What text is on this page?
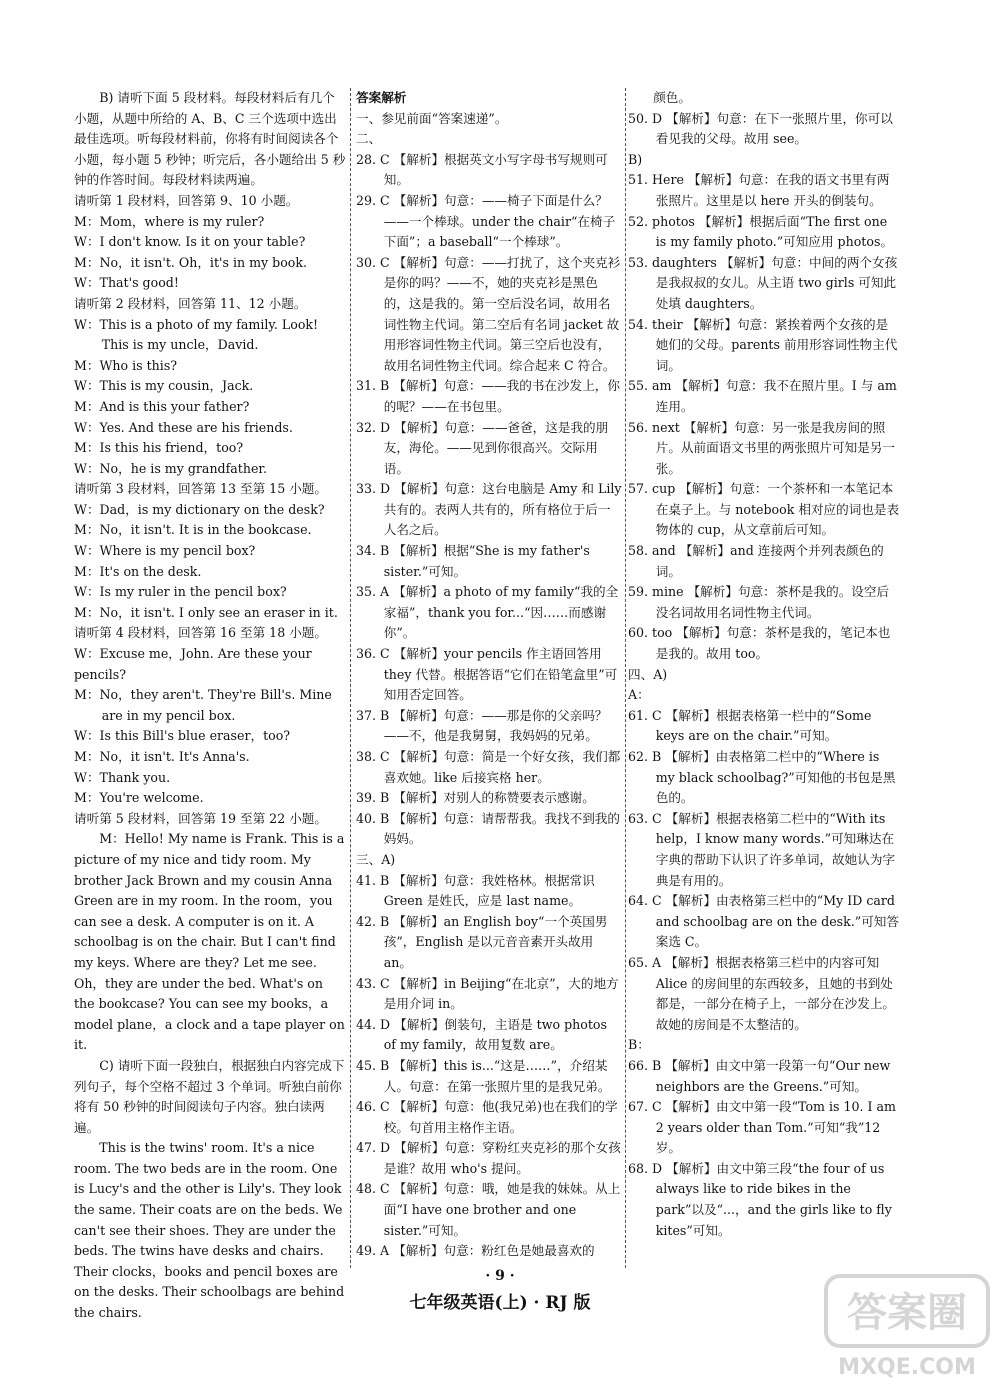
B) 请听下面 5 段材料。每段材料后有几个小题，从题中所给的 A、B、C 三个选项中选出最佳选项。听每段材料前，你将有时间阅读各个小题，每小题 5 秒钟；听完后，各小题给出 5 秒钟的作答时间。每段材料读两遍。

请听第 1 段材料，回答第 9、10 小题。

M：Mom，where is my ruler?

W：I don't know. Is it on your table?

M：No，it isn't. Oh，it's in my book.

W：That's good!

请听第 2 段材料，回答第 11、12 小题。

W：This is a photo of my family. Look! This is my uncle，David.

M：Who is this?

W：This is my cousin，Jack.

M：And is this your father?

W：Yes. And these are his friends.

M：Is this his friend，too?

W：No，he is my grandfather.

请听第 3 段材料，回答第 13 至第 15 小题。

W：Dad，is my dictionary on the desk?

M：No，it isn't. It is in the bookcase.

W：Where is my pencil box?

M：It's on the desk.

W：Is my ruler in the pencil box?

M：No，it isn't. I only see an eraser in it.

请听第 4 段材料，回答第 16 至第 18 小题。

W：Excuse me，John. Are these your pencils?

M：No，they aren't. They're Bill's. Mine are in my pencil box.

W：Is this Bill's blue eraser，too?

M：No，it isn't. It's Anna's.

W：Thank you.

M：You're welcome.

请听第 5 段材料，回答第 19 至第 22 小题。

M：Hello! My name is Frank. This is a picture of my nice and tidy room. My brother Jack Brown and my cousin Anna Green are in my room. In the room，you can see a desk. A computer is on it. A schoolbag is on the chair. But I can't find my keys. Where are they? Let me see. Oh，they are under the bed. What's on the bookcase? You can see my books，a model plane，a clock and a tape player on it.

C) 请听下面一段独白，根据独白内容完成下列句子，每个空格不超过 3 个单词。听独白前你将有 50 秒钟的时间阅读句子内容。独白读两遍。

This is the twins' room. It's a nice room. The two beds are in the room. One is Lucy's and the other is Lily's. They look the same. Their coats are on the beds. We can't see their shoes. They are under the beds. The twins have desks and chairs. Their clocks，books and pencil boxes are on the desks. Their schoolbags are behind the chairs.

答案解析

一、参见前面“答案速递”。

二、

28. C 【解析】根据英文小写字母书写规则可知。

29. C 【解析】句意：——椅子下面是什么？——一个棒球。under the chair“在椅子下面”；a baseball“一个棒球”。

30. C 【解析】句意：——打扰了，这个夹克衫是你的吗？——不，她的夹克衫是黑色的，这是我的。第一空后没名词，故用名词性物主代词。第二空后有名词 jacket 故用形容词性物主代词。第三空后也没有，故用名词性物主代词。综合起来 C 符合。

31. B 【解析】句意：——我的书在沙发上，你的呢？——在书包里。

32. D 【解析】句意：——爸爸，这是我的朋友，海伦。——见到你很高兴。交际用语。

33. D 【解析】句意：这台电脑是 Amy 和 Lily 共有的。表两人共有的，所有格位于后一人名之后。

34. B 【解析】根据“She is my father's sister.”可知。

35. A 【解析】a photo of my family“我的全家福”，thank you for...“因……而感谢你”。

36. C 【解析】your pencils 作主语回答用 they 代替。根据答语“它们在铅笔盒里”可知用否定回答。

37. B 【解析】句意：——那是你的父亲吗？——不，他是我舅舅，我妈妈的兄弟。

38. C 【解析】句意：简是一个好女孩，我们都喜欢她。like 后接宾格 her。

39. B 【解析】对别人的称赞要表示感谢。

40. B 【解析】句意：请帮帮我。我找不到我的妈妈。

三、A)

41. B 【解析】句意：我姓格林。根据常识 Green 是姓氏，应是 last name。

42. B 【解析】an English boy“一个英国男孩”，English 是以元音音素开头故用 an。

43. C 【解析】in Beijing“在北京”，大的地方是用介词 in。

44. D 【解析】倒装句，主语是 two photos of my family，故用复数 are。

45. B 【解析】this is...“这是……”，介绍某人。句意：在第一张照片里的是我兄弟。

46. C 【解析】句意：他(我兄弟)也在我们的学校。句首用主格作主语。

47. D 【解析】句意：穿粉红夹克衫的那个女孩是谁？故用 who's 提问。

48. C 【解析】句意：哦，她是我的妹妹。从上面“I have one brother and one sister.”可知。

49. A 【解析】句意：粉红色是她最喜欢的

　　颜色。

50. D 【解析】句意：在下一张照片里，你可以看见我的父母。故用 see。

B)

51. Here 【解析】句意：在我的语文书里有两张照片。这里是以 here 开头的倒装句。

52. photos 【解析】根据后面“The first one is my family photo.”可知应用 photos。

53. daughters 【解析】句意：中间的两个女孩是我叔叔的女儿。从主语 two girls 可知此处填 daughters。

54. their 【解析】句意：紧挨着两个女孩的是她们的父母。parents 前用形容词性物主代词。

55. am 【解析】句意：我不在照片里。I 与 am 连用。

56. next 【解析】句意：另一张是我房间的照片。从前面语文书里的两张照片可知是另一张。

57. cup 【解析】句意：一个茶杯和一本笔记本在桌子上。与 notebook 相对应的词也是表物体的 cup，从文章前后可知。

58. and 【解析】and 连接两个并列表颜色的词。

59. mine 【解析】句意：茶杯是我的。设空后没名词故用名词性物主代词。

60. too 【解析】句意：茶杯是我的，笔记本也是我的。故用 too。

四、A)

A：

61. C 【解析】根据表格第一栏中的“Some keys are on the chair.”可知。

62. B 【解析】由表格第二栏中的“Where is my black schoolbag?”可知他的书包是黑色的。

63. C 【解析】根据表格第二栏中的“With its help，I know many words.”可知琳达在字典的帮助下认识了许多单词，故她认为字典是有用的。

64. C 【解析】由表格第三栏中的“My ID card and schoolbag are on the desk.”可知答案选 C。

65. A 【解析】根据表格第三栏中的内容可知 Alice 的房间里的东西较多，且她的书到处都是，一部分在椅子上，一部分在沙发上。故她的房间是不太整洁的。

B：

66. B 【解析】由文中第一段第一句“Our new neighbors are the Greens.”可知。

67. C 【解析】由文中第一段“Tom is 10. I am 2 years older than Tom.”可知“我”12 岁。

68. D 【解析】由文中第三段“the four of us always like to ride bikes in the park”以及“...，and the girls like to fly kites”可知。

· 9 ·
七年级英语(上) · RJ 版	答案圈
MXQE.COM
